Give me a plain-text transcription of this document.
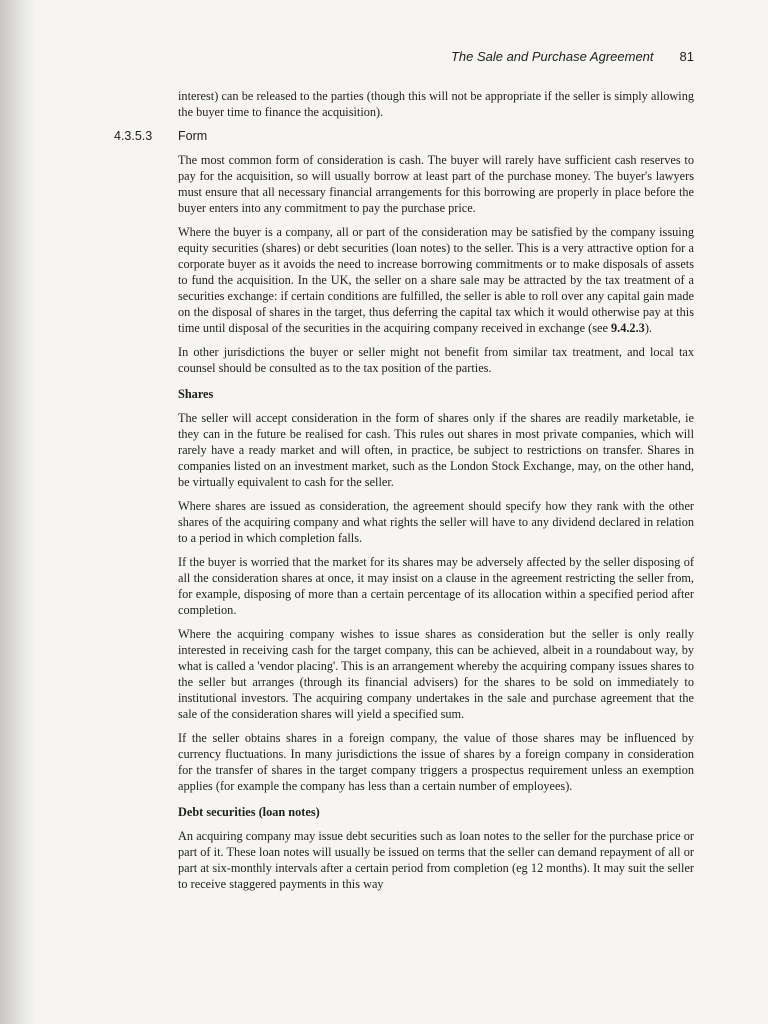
The Sale and Purchase Agreement 81

interest) can be released to the parties (though this will not be appropriate if the seller is simply allowing the buyer time to finance the acquisition).

4.3.5.3 Form

The most common form of consideration is cash. The buyer will rarely have sufficient cash reserves to pay for the acquisition, so will usually borrow at least part of the purchase money. The buyer's lawyers must ensure that all necessary financial arrangements for this borrowing are properly in place before the buyer enters into any commitment to pay the purchase price.

Where the buyer is a company, all or part of the consideration may be satisfied by the company issuing equity securities (shares) or debt securities (loan notes) to the seller. This is a very attractive option for a corporate buyer as it avoids the need to increase borrowing commitments or to make disposals of assets to fund the acquisition. In the UK, the seller on a share sale may be attracted by the tax treatment of a securities exchange: if certain conditions are fulfilled, the seller is able to roll over any capital gain made on the disposal of shares in the target, thus deferring the capital tax which it would otherwise pay at this time until disposal of the securities in the acquiring company received in exchange (see 9.4.2.3).

In other jurisdictions the buyer or seller might not benefit from similar tax treatment, and local tax counsel should be consulted as to the tax position of the parties.

Shares

The seller will accept consideration in the form of shares only if the shares are readily marketable, ie they can in the future be realised for cash. This rules out shares in most private companies, which will rarely have a ready market and will often, in practice, be subject to restrictions on transfer. Shares in companies listed on an investment market, such as the London Stock Exchange, may, on the other hand, be virtually equivalent to cash for the seller.

Where shares are issued as consideration, the agreement should specify how they rank with the other shares of the acquiring company and what rights the seller will have to any dividend declared in relation to a period in which completion falls.

If the buyer is worried that the market for its shares may be adversely affected by the seller disposing of all the consideration shares at once, it may insist on a clause in the agreement restricting the seller from, for example, disposing of more than a certain percentage of its allocation within a specified period after completion.

Where the acquiring company wishes to issue shares as consideration but the seller is only really interested in receiving cash for the target company, this can be achieved, albeit in a roundabout way, by what is called a 'vendor placing'. This is an arrangement whereby the acquiring company issues shares to the seller but arranges (through its financial advisers) for the shares to be sold on immediately to institutional investors. The acquiring company undertakes in the sale and purchase agreement that the sale of the consideration shares will yield a specified sum.

If the seller obtains shares in a foreign company, the value of those shares may be influenced by currency fluctuations. In many jurisdictions the issue of shares by a foreign company in consideration for the transfer of shares in the target company triggers a prospectus requirement unless an exemption applies (for example the company has less than a certain number of employees).

Debt securities (loan notes)

An acquiring company may issue debt securities such as loan notes to the seller for the purchase price or part of it. These loan notes will usually be issued on terms that the seller can demand repayment of all or part at six-monthly intervals after a certain period from completion (eg 12 months). It may suit the seller to receive staggered payments in this way
